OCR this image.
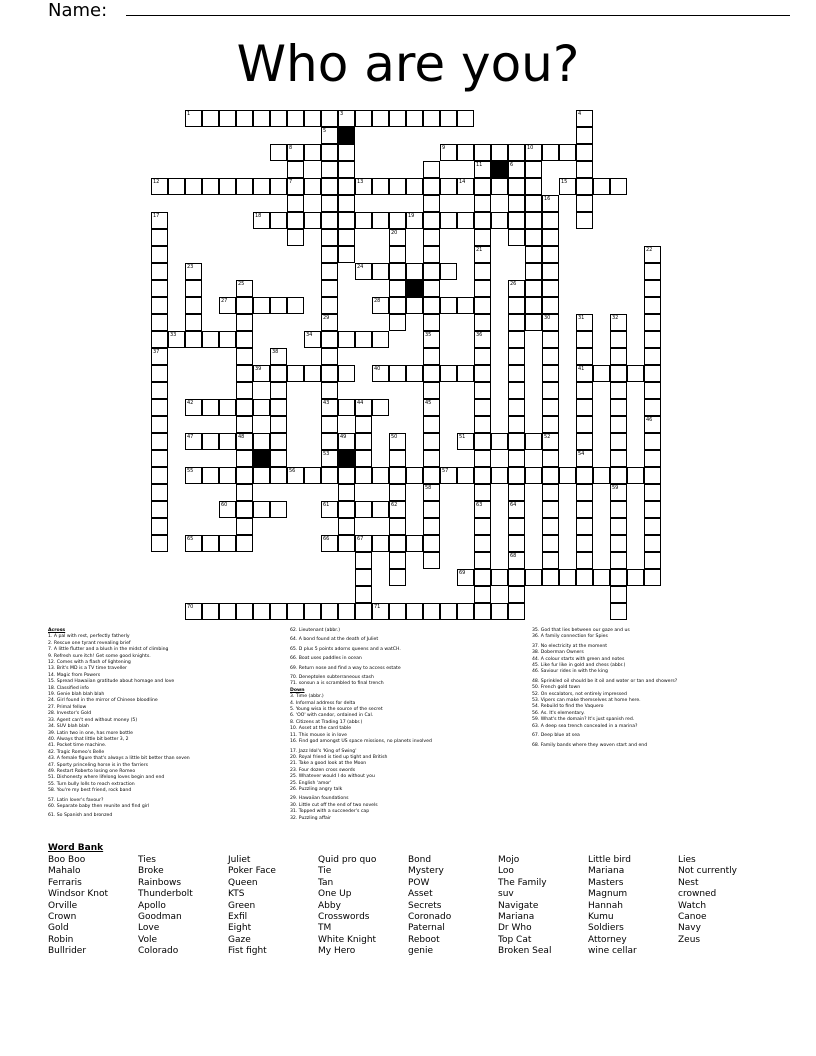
Name:
Who are you?
1	3
5
8	9	10
12	7	13	14	15
18	19
24
27	28
33	34
39	40	41
42	43	44
47	48	51	52
55	56	57
60	61
65	66	67
69
70	71
4
29
6
11
21
35
16
30
17
37
20
36
22
46
23
25	26
64
68
53
31
54
32
59
45
58
38
49	50
62	63
Across
1. A pal with rest, perfectly fatherly
2. Rescue one tyrant revealing brief
7. A little flutter and a blush in the midst of climbing
9. Refresh sure itch! Get some good knights.
12. Comes with a flash of lightening
13. Brit's MD is a TV time traveller
14. Magic from Powers
15. Spread Hawaiian gratitude about homage and love
18. Classified info
19. Genie blah blah blah
24. Girl found in the mirror of Chinese bloodline
27. Primal fellow
28. Investor's Gold
33. Agent can't end without money (5)
34. SUV blah blah
39. Latin two in one, has more bottle
40. Always that little bit better 3, 2
41. Pocket time machine.
42. Tragic Romeo's Belle
43. A female figure that's always a little bit better than seven
47. Sporty princeling horse is in the farriers
49. Restart Roberto losing one Romeo
51. Dishonesty where lifelong loves begin and end
55. Turn bully lolls to reach extraction
58. You're my best friend, rock band
57. Latin lover's favour?
60. Separate baby then reunite and find girl
61. So Spanish and bronzed
62. Lieutenant (abbr.)
64. A bond found at the death of Juliet
65. D plus 5 points adorns queens and a watCH.
66. Boat uses paddles in ocean
69. Return nose and find a way to access estate
70. Deneptolen subterraneous stash
71. sonsun a is scrambled to final trench
Down
3. Time (abbr.)
4. Informal address for delta
5. Young wisa is the source of the secret
6. 'OO' with candor, ordained in Cal.
8. Citizens at Trading 17 (abbr.)
10. Asset at the card table
11. This mouse is in love
16. Find god amongst US space missions, no planets involved
17. Jazz Idol's 'King of Swing'
20. Royal friend is tied up tight and British
21. Take a good look at the Moon
23. Four dozen cross swords
25. Whatever would I do without you
25. English 'amor'
26. Puzzling angry talk
29. Hawaiian foundations
30. Little cut off the end of two novels
31. Topped with a succeeder's cap
32. Puzzling affair
35. God that lies between our gaze and us
36. A family connection for Spies
37. No electricity at the moment
38. Doberman Owners
44. A colour starts with green and notes
45. Like fur like in gold and chess (abbr.)
46. Saviour rides in with the king
48. Sprinkled oil should be it oil and water or tan and showers?
50. French gold town
52. On escalators, not entirely impressed
53. Vipers can make themselves at home here.
54. Rebuild to find the Vaquero
56. As. It's elementary.
59. What's the domain? It's just spanish red.
63. A deep sea trench concealed in a marina?
67. Deep blue at sea
68. Family bands where they woven start and end
Word Bank
Boo Boo
Mahalo
Ferraris
Windsor Knot
Orville
Crown
Gold
Robin
Bullrider
Ties
Broke
Rainbows
Thunderbolt
Apollo
Goodman
Love
Vole
Colorado
Juliet
Poker Face
Queen
KTS
Green
Exfil
Eight
Gaze
Fist fight
Quid pro quo
Tie
Tan
One Up
Abby
Crosswords
TM
White Knight
My Hero
Bond
Mystery
POW
Asset
Secrets
Coronado
Paternal
Reboot
genie
Mojo
Loo
The Family
suv
Navigate
Mariana
Dr Who
Top Cat
Broken Seal
Little bird
Mariana
Masters
Magnum
Hannah
Kumu
Soldiers
Attorney
wine cellar
Lies
Not currently
Nest
crowned
Watch
Canoe
Navy
Zeus
